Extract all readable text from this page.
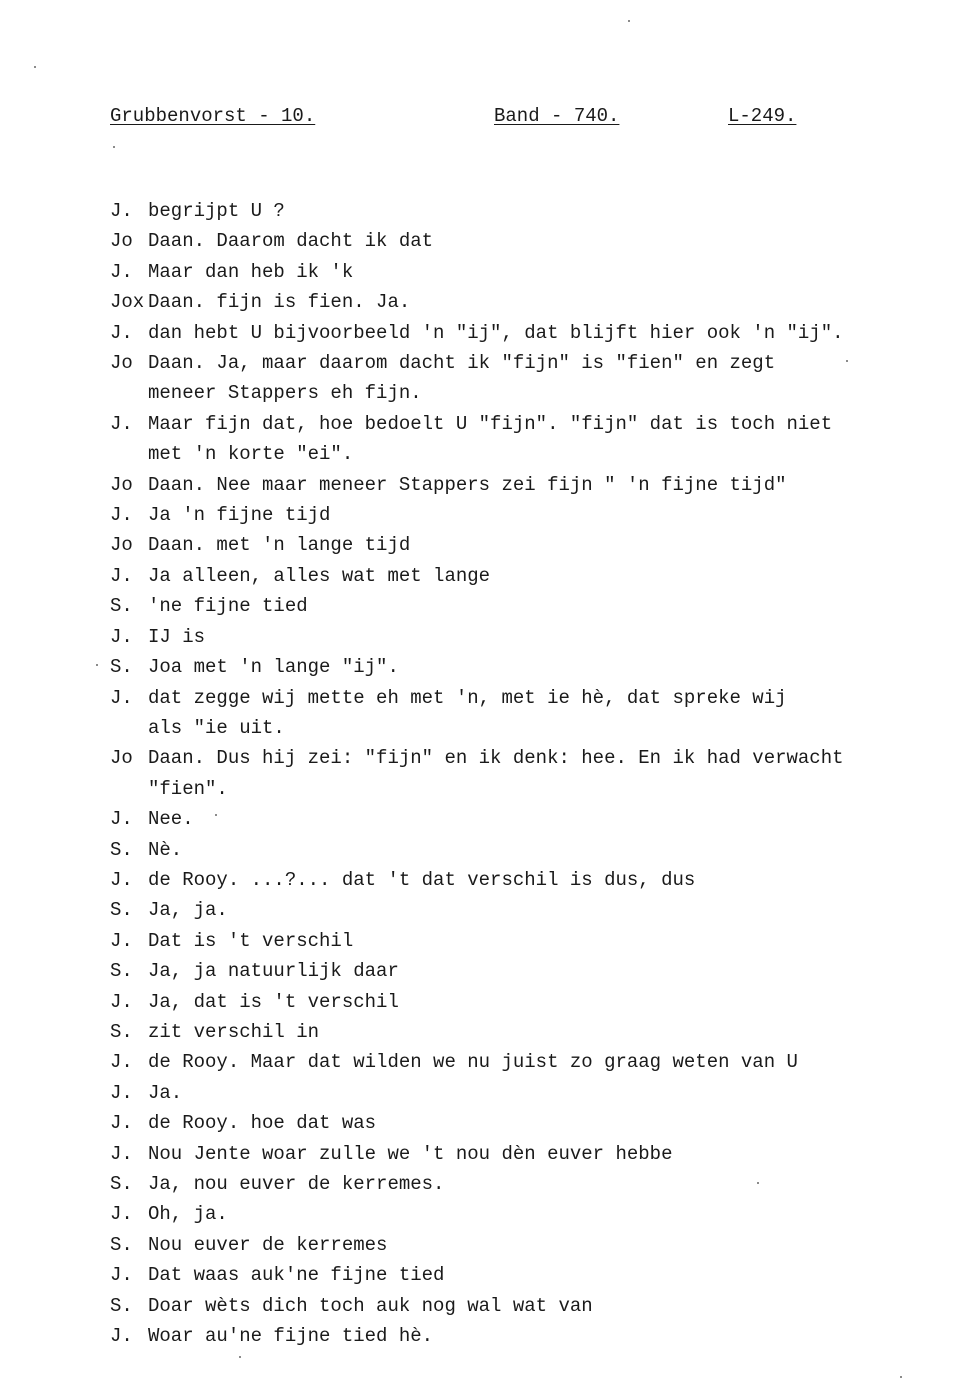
Grubbenvorst - 10.	Band - 740.	L-249.
J. begrijpt U ?
Jo Daan. Daarom dacht ik dat
J. Maar dan heb ik 'k
Jox Daan. fijn is fien. Ja.
J. dan hebt U bijvoorbeeld 'n "ij", dat blijft hier ook 'n "ij".
Jo Daan. Ja, maar daarom dacht ik "fijn" is "fien" en zegt
meneer Stappers eh fijn.
J. Maar fijn dat, hoe bedoelt U "fijn". "fijn" dat is toch niet
met 'n korte "ei".
Jo Daan. Nee maar meneer Stappers zei fijn " 'n fijne tijd"
J. Ja 'n fijne tijd
Jo Daan. met 'n lange tijd
J. Ja alleen, alles wat met lange
S. 'ne fijne tied
J. IJ is
S. Joa met 'n lange "ij".
J. dat zegge wij mette eh met 'n, met ie hè, dat spreke wij
als "ie uit.
Jo Daan. Dus hij zei: "fijn" en ik denk: hee. En ik had verwacht
"fien".
J. Nee.
S. Nè.
J. de Rooy. ...?... dat 't dat verschil is dus, dus
S. Ja, ja.
J. Dat is 't verschil
S. Ja, ja natuurlijk daar
J. Ja, dat is 't verschil
S. zit verschil in
J. de Rooy. Maar dat wilden we nu juist zo graag weten van U
J. Ja.
J. de Rooy. hoe dat was
J. Nou Jente woar zulle we 't nou dèn euver hebbe
S. Ja, nou euver de kerremes.
J. Oh, ja.
S. Nou euver de kerremes
J. Dat waas auk'ne fijne tied
S. Doar wèts dich toch auk nog wal wat van
J. Woar au'ne fijne tied hè.
